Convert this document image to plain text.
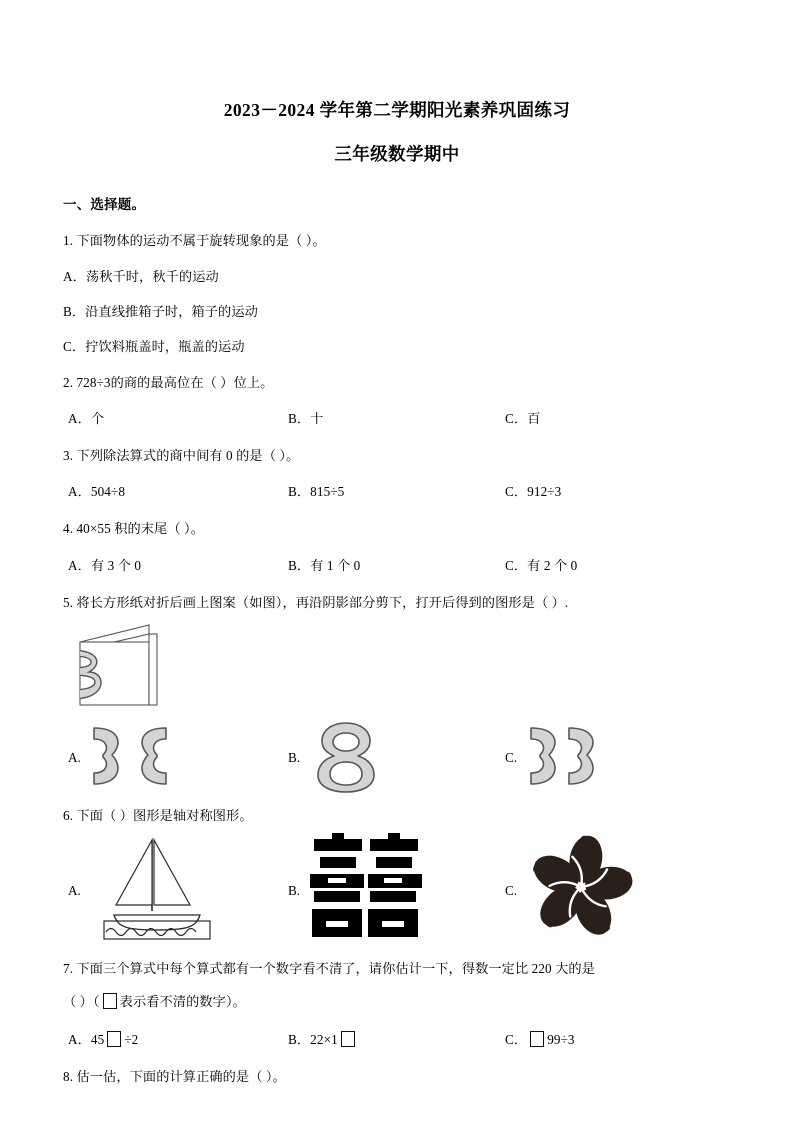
2023－2024 学年第二学期阳光素养巩固练习
三年级数学期中
一、选择题。
1. 下面物体的运动不属于旋转现象的是（ ）。
A．荡秋千时，秋千的运动
B．沿直线推箱子时，箱子的运动
C．拧饮料瓶盖时，瓶盖的运动
2. 728÷3的商的最高位在（ ）位上。
A．个	B．十	C．百
3. 下列除法算式的商中间有 0 的是（ ）。
A．504÷8	B．815÷5	C．912÷3
4. 40×55 积的末尾（ ）。
A．有 3 个 0	B．有 1 个 0	C．有 2 个 0
5. 将长方形纸对折后画上图案（如图），再沿阴影部分剪下，打开后得到的图形是（ ）.
A.	B.	C.
6. 下面（ ）图形是轴对称图形。
A.	B.	C.
7. 下面三个算式中每个算式都有一个数字看不清了，请你估计一下，得数一定比 220 大的是
（ ）（ 表示看不清的数字）。
A．45 ÷2	B．22×1	C． 99÷3
8. 估一估，下面的计算正确的是（ ）。
